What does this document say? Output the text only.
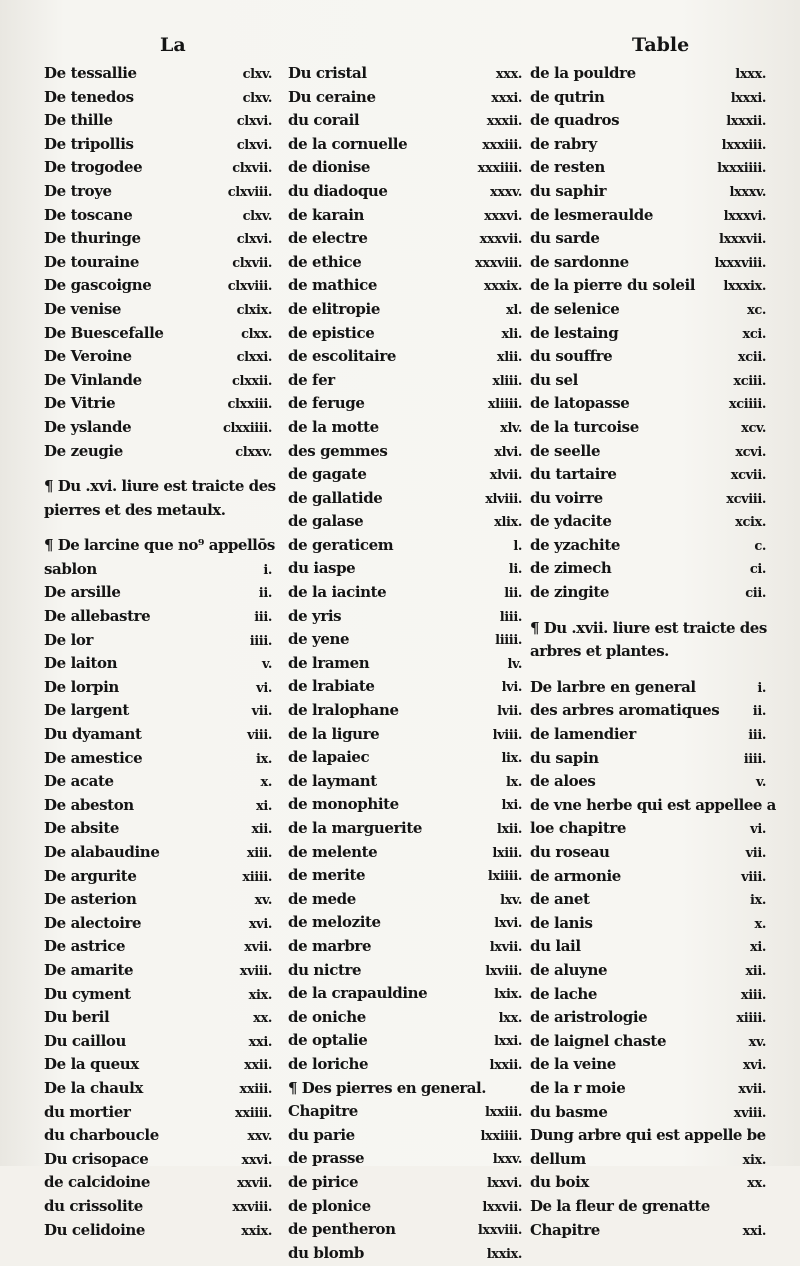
La	Table
De tessallie	clxv.
De tenedos	clxv.
De thille	clxvi.
De tripollis	clxvi.
De trogodee	clxvii.
De troye	clxviii.
De toscane	clxv.
De thuringe	clxvi.
De touraine	clxvii.
De gascoigne	clxviii.
De venise	clxix.
De Buescefalle	clxx.
De Veroine	clxxi.
De Vinlande	clxxii.
De Vitrie	clxxiii.
De yslande	clxxiiii.
De zeugie	clxxv.
¶ Du .xvi. liure est traicte des
pierres et des metaulx.
¶ De larcine que no⁹ appellōs
sablon	i.
De arsille	ii.
De allebastre	iii.
De lor	iiii.
De laiton	v.
De lorpin	vi.
De largent	vii.
Du dyamant	viii.
De amestice	ix.
De acate	x.
De abeston	xi.
De absite	xii.
De alabaudine	xiii.
De argurite	xiiii.
De asterion	xv.
De alectoire	xvi.
De astrice	xvii.
De amarite	xviii.
Du cyment	xix.
Du beril	xx.
Du caillou	xxi.
De la queux	xxii.
De la chaulx	xxiii.
du mortier	xxiiii.
du charboucle	xxv.
Du crisopace	xxvi.
de calcidoine	xxvii.
du crissolite	xxviii.
Du celidoine	xxix.
Du cristal	xxx.
Du ceraine	xxxi.
du corail	xxxii.
de la cornuelle	xxxiii.
de dionise	xxxiiii.
du diadoque	xxxv.
de karain	xxxvi.
de electre	xxxvii.
de ethice	xxxviii.
de mathice	xxxix.
de elitropie	xl.
de epistice	xli.
de escolitaire	xlii.
de fer	xliii.
de feruge	xliiii.
de la motte	xlv.
des gemmes	xlvi.
de gagate	xlvii.
de gallatide	xlviii.
de galase	xlix.
de geraticem	l.
du iaspe	li.
de la iacinte	lii.
de yris	liii.
de yene	liiii.
de lramen	lv.
de lrabiate	lvi.
de lralophane	lvii.
de la ligure	lviii.
de lapaiec	lix.
de laymant	lx.
de monophite	lxi.
de la marguerite	lxii.
de melente	lxiii.
de merite	lxiiii.
de mede	lxv.
de melozite	lxvi.
de marbre	lxvii.
du nictre	lxviii.
de la crapauldine	lxix.
de oniche	lxx.
de optalie	lxxi.
de loriche	lxxii.
¶ Des pierres en general.
Chapitre	lxxiii.
du parie	lxxiiii.
de prasse	lxxv.
de pirice	lxxvi.
de plonice	lxxvii.
de pentheron	lxxviii.
du blomb	lxxix.
de la pouldre	lxxx.
de qutrin	lxxxi.
de quadros	lxxxii.
de rabry	lxxxiii.
de resten	lxxxiiii.
du saphir	lxxxv.
de lesmeraulde	lxxxvi.
du sarde	lxxxvii.
de sardonne	lxxxviii.
de la pierre du soleil	lxxxix.
de selenice	xc.
de lestaing	xci.
du souffre	xcii.
du sel	xciii.
de latopasse	xciiii.
de la turcoise	xcv.
de seelle	xcvi.
du tartaire	xcvii.
du voirre	xcviii.
de ydacite	xcix.
de yzachite	c.
de zimech	ci.
de zingite	cii.
¶ Du .xvii. liure est traicte des
arbres et plantes.
De larbre en general	i.
des arbres aromatiques	ii.
de lamendier	iii.
du sapin	iiii.
de aloes	v.
de vne herbe qui est appellee a
loe chapitre	vi.
du roseau	vii.
de armonie	viii.
de anet	ix.
de lanis	x.
du lail	xi.
de aluyne	xii.
de lache	xiii.
de aristrologie	xiiii.
de laignel chaste	xv.
de la veine	xvi.
de la r moie	xvii.
du basme	xviii.
Dung arbre qui est appelle be
dellum	xix.
du boix	xx.
De la fleur de grenatte
Chapitre	xxi.
